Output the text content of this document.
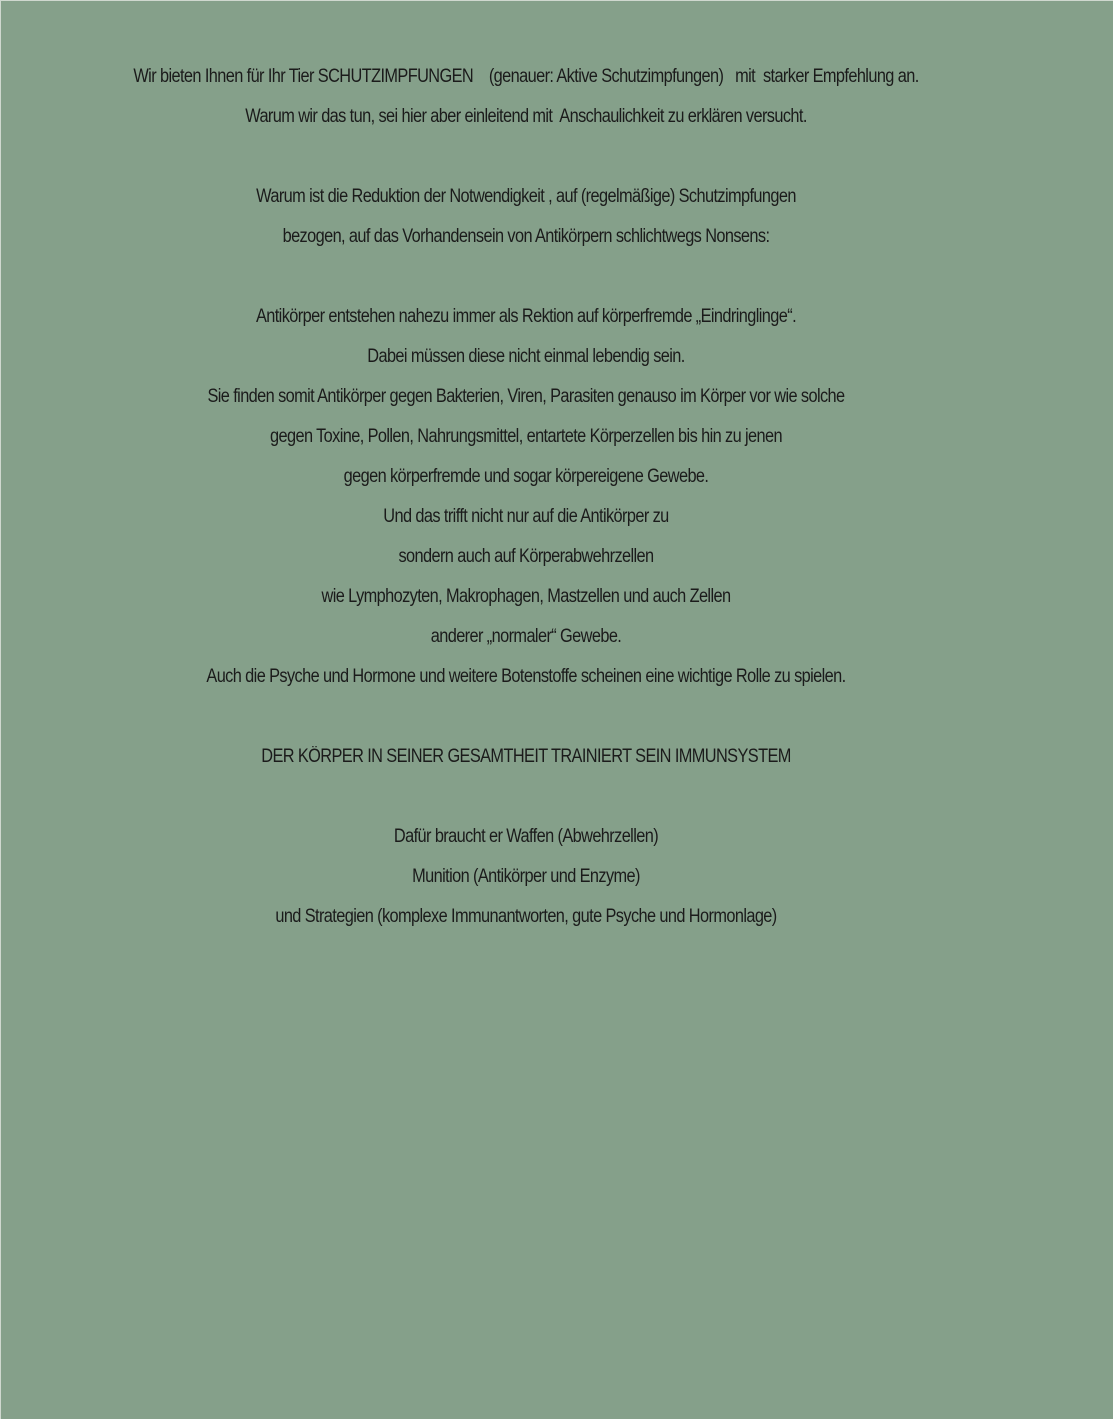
Wir bieten Ihnen für Ihr Tier SCHUTZIMPFUNGEN    (genauer: Aktive Schutzimpfungen)   mit  starker Empfehlung an.
Warum wir das tun, sei hier aber einleitend mit  Anschaulichkeit zu erklären versucht.
Warum ist die Reduktion der Notwendigkeit , auf (regelmäßige) Schutzimpfungen
bezogen, auf das Vorhandensein von Antikörpern schlichtwegs Nonsens:
Antikörper entstehen nahezu immer als Rektion auf körperfremde „Eindringlinge“.
Dabei müssen diese nicht einmal lebendig sein.
Sie finden somit Antikörper gegen Bakterien, Viren, Parasiten genauso im Körper vor wie solche
gegen Toxine, Pollen, Nahrungsmittel, entartete Körperzellen bis hin zu jenen
gegen körperfremde und sogar körpereigene Gewebe.
Und das trifft nicht nur auf die Antikörper zu
sondern auch auf Körperabwehrzellen
wie Lymphozyten, Makrophagen, Mastzellen und auch Zellen
anderer „normaler“ Gewebe.
Auch die Psyche und Hormone und weitere Botenstoffe scheinen eine wichtige Rolle zu spielen.
DER KÖRPER IN SEINER GESAMTHEIT TRAINIERT SEIN IMMUNSYSTEM
Dafür braucht er Waffen (Abwehrzellen)
Munition (Antikörper und Enzyme)
und Strategien (komplexe Immunantworten, gute Psyche und Hormonlage)
